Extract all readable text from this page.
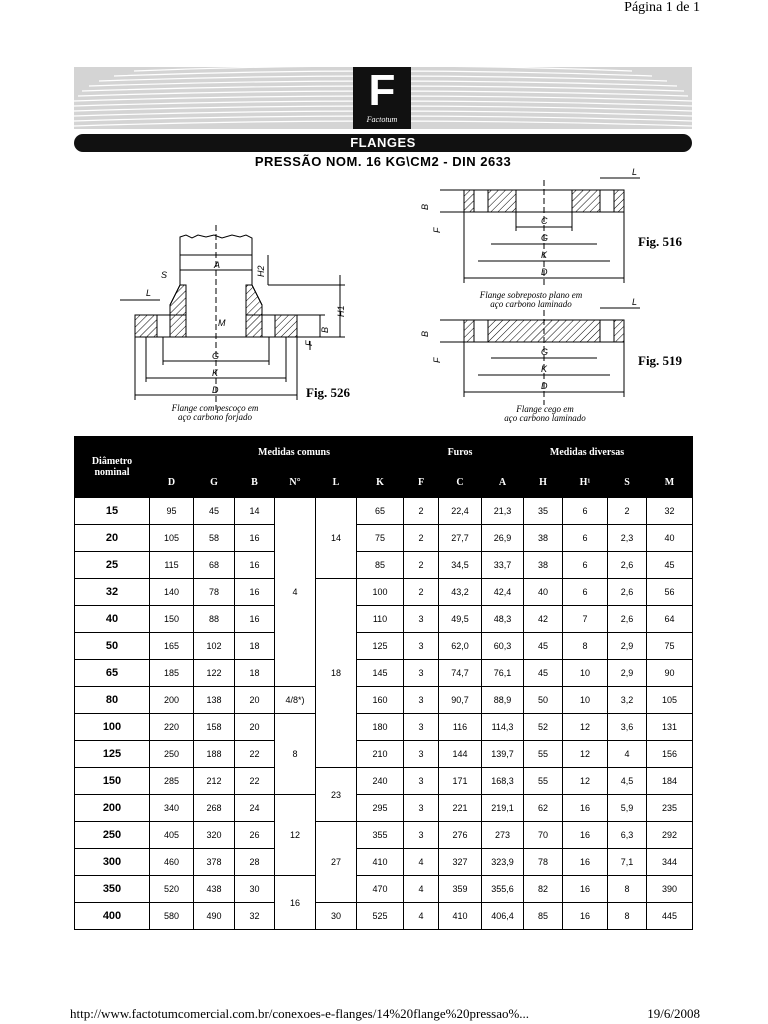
Página 1 de 1
F
Factotum
FLANGES
PRESSÃO NOM. 16 KG\CM2 - DIN 2633
A
S
L
M
G
K
D
H2
H1
B
F
C
G
K
D
L
B
F
G
K
D
L
B
F
Fig. 516
Fig. 519
Fig. 526
Flange com pescoço em
aço carbono forjado
Flange sobreposto plano em
aço carbono laminado
Flange cego em
aço carbono laminado
Diâmetro nominal	Medidas comuns							Furos	Medidas diversas				
	D	G	B	N°	L	K	F	C	A	H	H¹	S	M
15	95	45	14	4	14	65	2	22,4	21,3	35	6	2	32
20	105	58	16			75	2	27,7	26,9	38	6	2,3	40
25	115	68	16			85	2	34,5	33,7	38	6	2,6	45
32	140	78	16		18	100	2	43,2	42,4	40	6	2,6	56
40	150	88	16			110	3	49,5	48,3	42	7	2,6	64
50	165	102	18			125	3	62,0	60,3	45	8	2,9	75
65	185	122	18			145	3	74,7	76,1	45	10	2,9	90
80	200	138	20	4/8*)		160	3	90,7	88,9	50	10	3,2	105
100	220	158	20	8		180	3	116	114,3	52	12	3,6	131
125	250	188	22			210	3	144	139,7	55	12	4	156
150	285	212	22		23	240	3	171	168,3	55	12	4,5	184
200	340	268	24	12		295	3	221	219,1	62	16	5,9	235
250	405	320	26		27	355	3	276	273	70	16	6,3	292
300	460	378	28			410	4	327	323,9	78	16	7,1	344
350	520	438	30	16		470	4	359	355,6	82	16	8	390
400	580	490	32		30	525	4	410	406,4	85	16	8	445
http://www.factotumcomercial.com.br/conexoes-e-flanges/14%20flange%20pressao%...	19/6/2008
